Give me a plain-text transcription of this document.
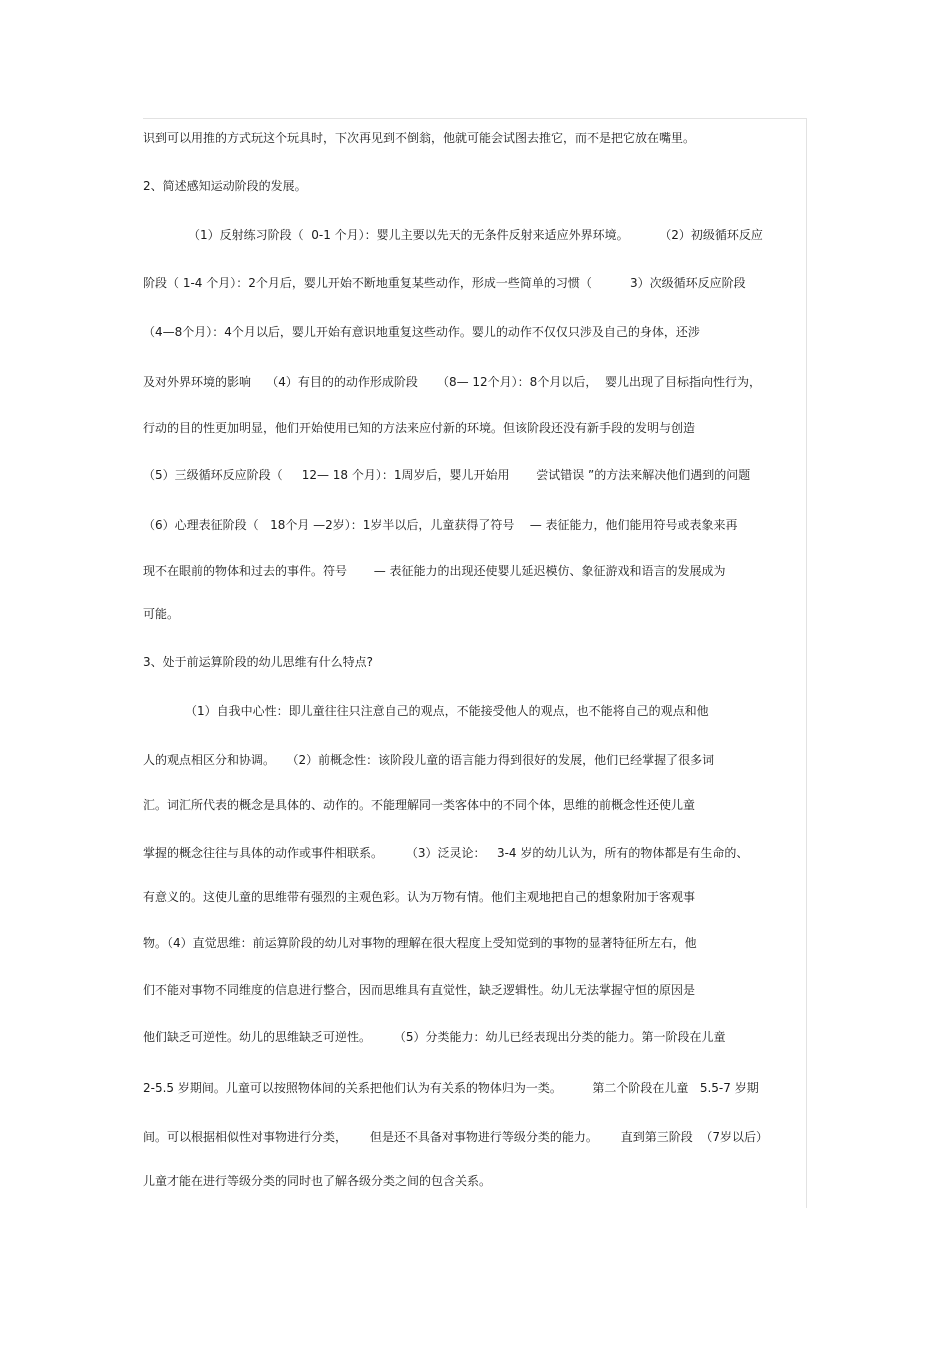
识到可以用推的方式玩这个玩具时，下次再见到不倒翁，他就可能会试图去推它，而不是把它放在嘴里。
2、简述感知运动阶段的发展。
（1）反射练习阶段（  0-1 个月）：婴儿主要以先天的无条件反射来适应外界环境。        （2）初级循环反应
阶段（ 1-4 个月）：2个月后，婴儿开始不断地重复某些动作，形成一些简单的习惯（          3）次级循环反应阶段
（4—8个月）：4个月以后，婴儿开始有意识地重复这些动作。婴儿的动作不仅仅只涉及自己的身体，还涉
及对外界环境的影响    （4）有目的的动作形成阶段     （8— 12个月）：8个月以后，  婴儿出现了目标指向性行为，
行动的目的性更加明显，他们开始使用已知的方法来应付新的环境。但该阶段还没有新手段的发明与创造
（5）三级循环反应阶段（     12— 18 个月）：1周岁后，婴儿开始用       尝试错误 ”的方法来解决他们遇到的问题
（6）心理表征阶段（   18个月 —2岁）：1岁半以后，儿童获得了符号    — 表征能力，他们能用符号或表象来再
现不在眼前的物体和过去的事件。符号       — 表征能力的出现还使婴儿延迟模仿、象征游戏和语言的发展成为
可能。
3、处于前运算阶段的幼儿思维有什么特点?
（1）自我中心性：即儿童往往只注意自己的观点，不能接受他人的观点，也不能将自己的观点和他
人的观点相区分和协调。   （2）前概念性：该阶段儿童的语言能力得到很好的发展，他们已经掌握了很多词
汇。词汇所代表的概念是具体的、动作的。不能理解同一类客体中的不同个体，思维的前概念性还使儿童
掌握的概念往往与具体的动作或事件相联系。      （3）泛灵论：   3-4 岁的幼儿认为，所有的物体都是有生命的、
有意义的。这使儿童的思维带有强烈的主观色彩。认为万物有情。他们主观地把自己的想象附加于客观事
物。（4）直觉思维：前运算阶段的幼儿对事物的理解在很大程度上受知觉到的事物的显著特征所左右，他
们不能对事物不同维度的信息进行整合，因而思维具有直觉性，缺乏逻辑性。幼儿无法掌握守恒的原因是
他们缺乏可逆性。幼儿的思维缺乏可逆性。      （5）分类能力：幼儿已经表现出分类的能力。第一阶段在儿童
2-5.5 岁期间。儿童可以按照物体间的关系把他们认为有关系的物体归为一类。        第二个阶段在儿童   5.5-7 岁期
间。可以根据相似性对事物进行分类，      但是还不具备对事物进行等级分类的能力。      直到第三阶段  （7岁以后）
儿童才能在进行等级分类的同时也了解各级分类之间的包含关系。
